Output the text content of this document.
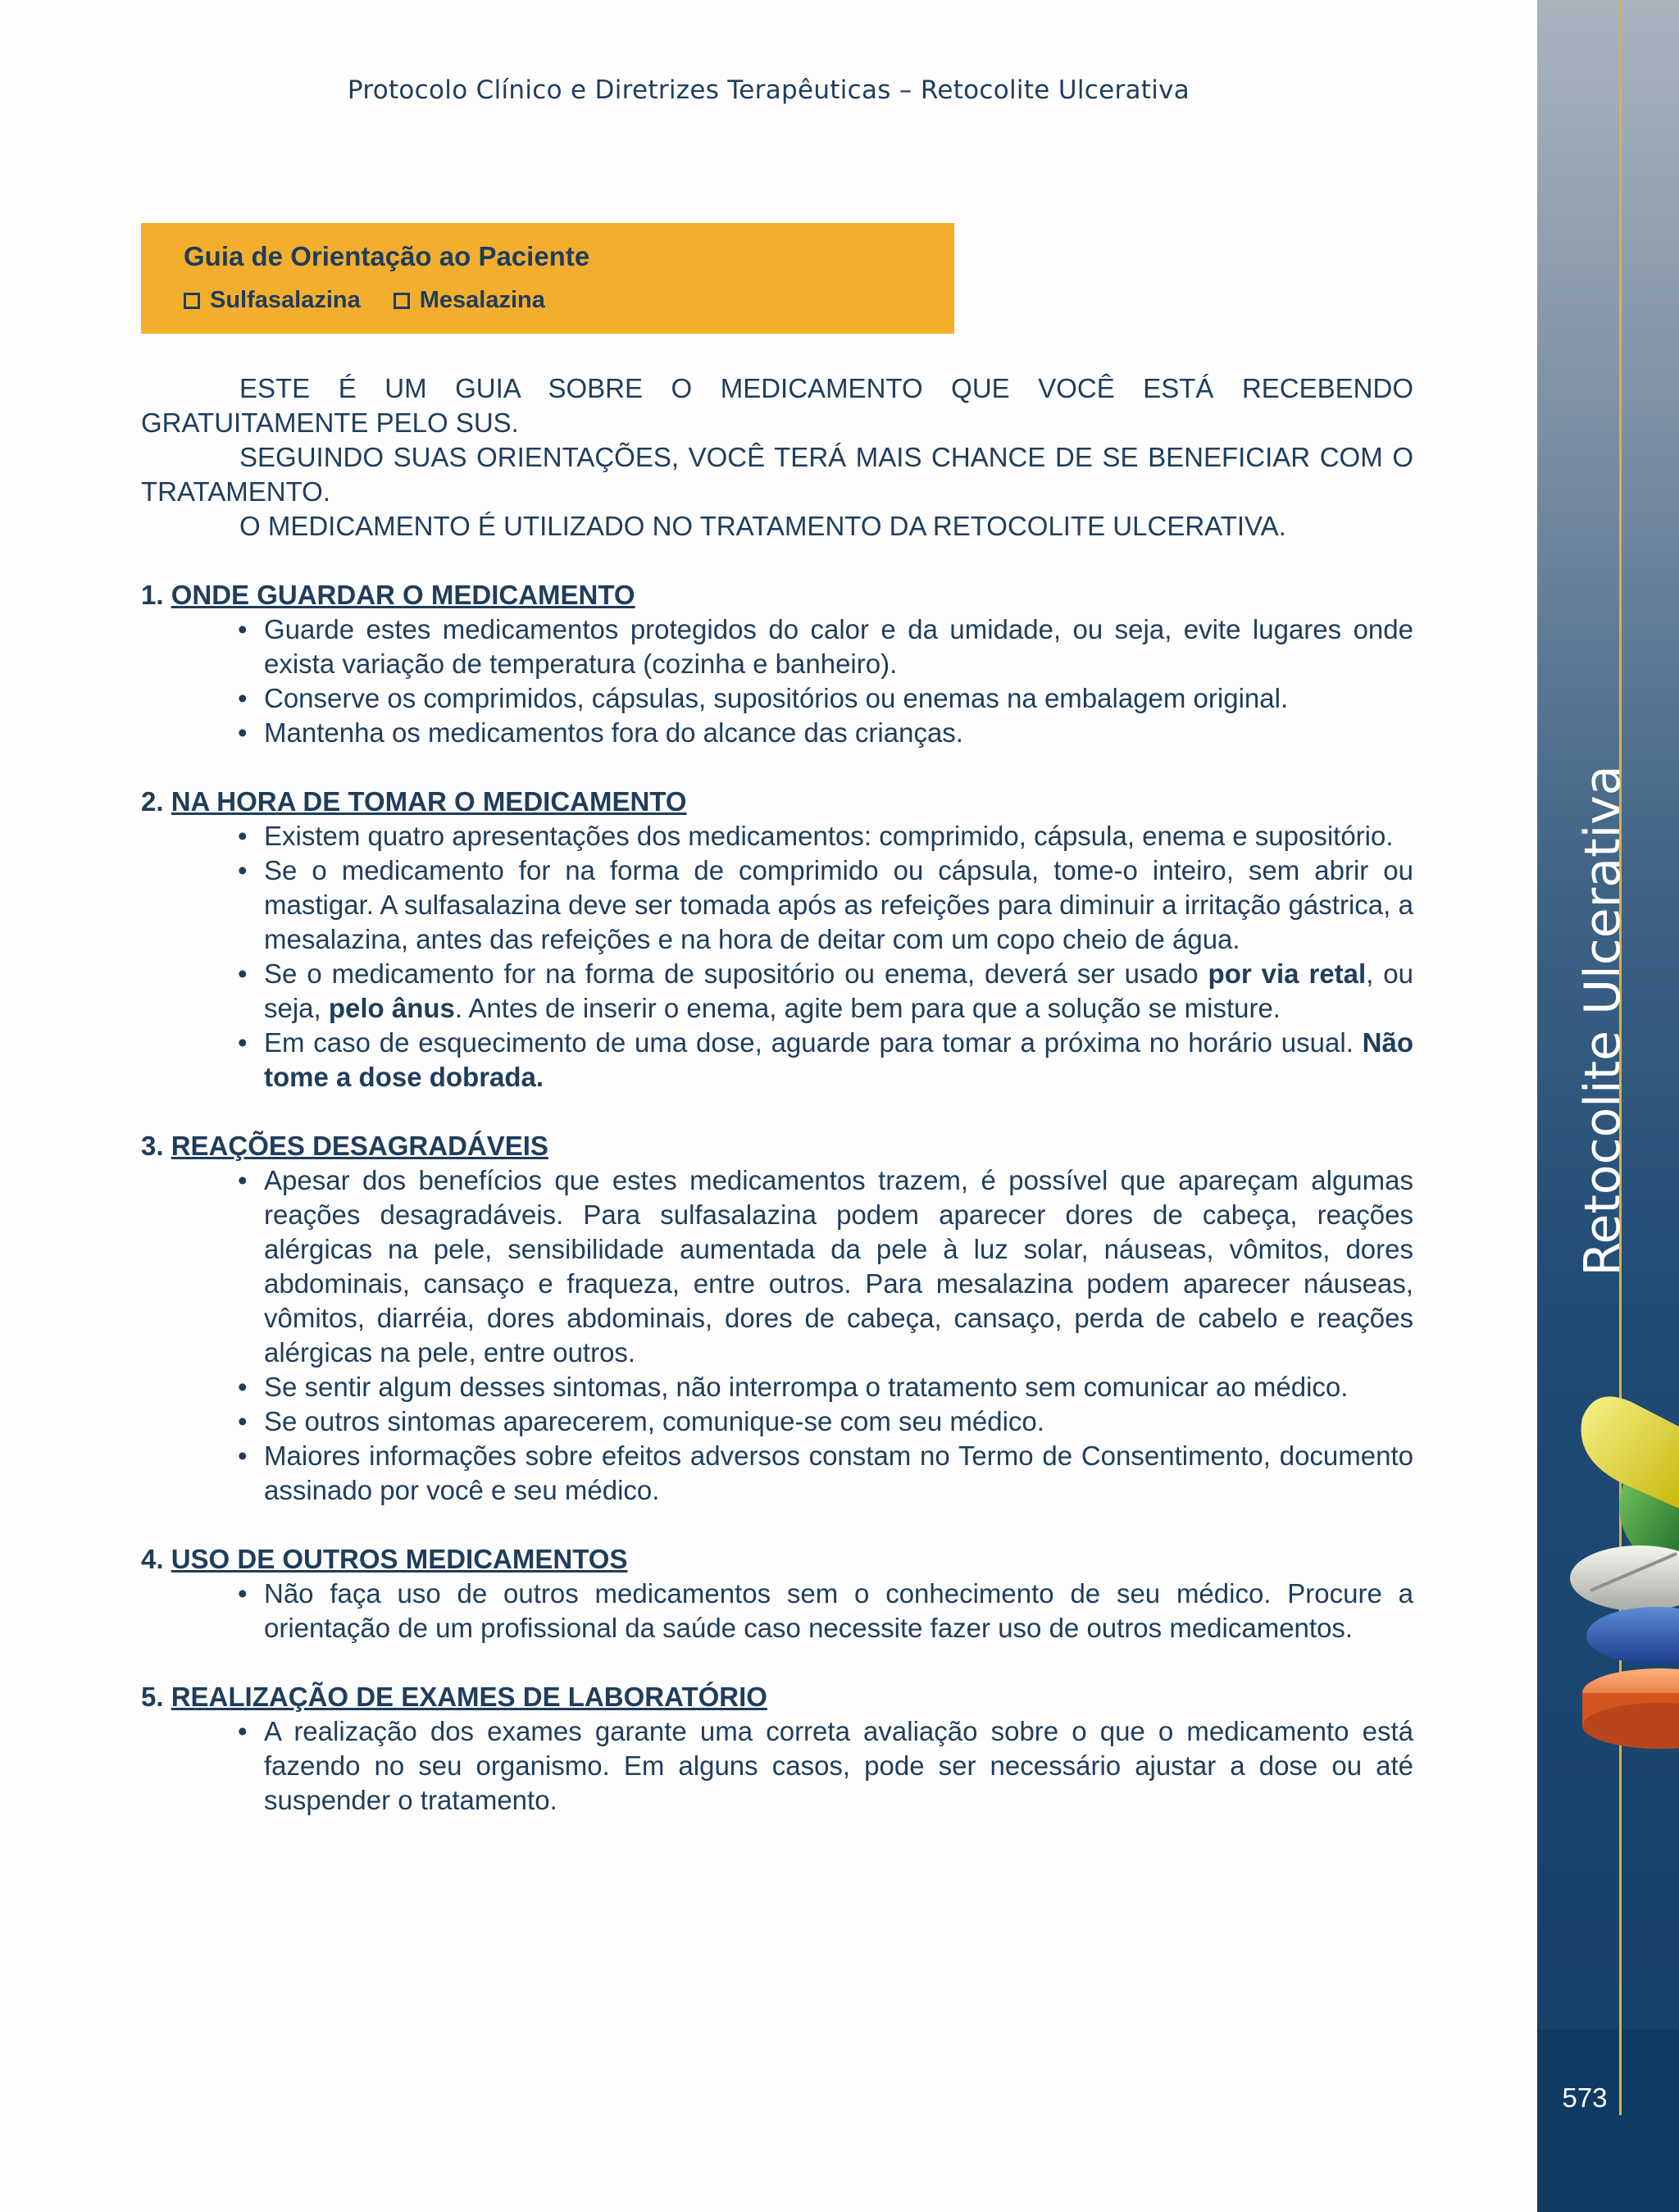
Protocolo Clínico e Diretrizes Terapêuticas – Retocolite Ulcerativa
Retocolite Ulcerativa
573
Guia de Orientação ao Paciente
Sulfasalazina Mesalazina

ESTE É UM GUIA SOBRE O MEDICAMENTO QUE VOCÊ ESTÁ RECEBENDO GRATUITAMENTE PELO SUS.

SEGUINDO SUAS ORIENTAÇÕES, VOCÊ TERÁ MAIS CHANCE DE SE BENEFICIAR COM O TRATAMENTO.

O MEDICAMENTO É UTILIZADO NO TRATAMENTO DA RETOCOLITE ULCERATIVA.

1. ONDE GUARDAR O MEDICAMENTO

• Guarde estes medicamentos protegidos do calor e da umidade, ou seja, evite lugares onde exista variação de temperatura (cozinha e banheiro).
• Conserve os comprimidos, cápsulas, supositórios ou enemas na embalagem original.
• Mantenha os medicamentos fora do alcance das crianças.

2. NA HORA DE TOMAR O MEDICAMENTO

• Existem quatro apresentações dos medicamentos: comprimido, cápsula, enema e supositório.
• Se o medicamento for na forma de comprimido ou cápsula, tome-o inteiro, sem abrir ou mastigar. A sulfasalazina deve ser tomada após as refeições para diminuir a irritação gástrica, a mesalazina, antes das refeições e na hora de deitar com um copo cheio de água.
• Se o medicamento for na forma de supositório ou enema, deverá ser usado por via retal, ou seja, pelo ânus. Antes de inserir o enema, agite bem para que a solução se misture.
• Em caso de esquecimento de uma dose, aguarde para tomar a próxima no horário usual. Não tome a dose dobrada.

3. REAÇÕES DESAGRADÁVEIS

• Apesar dos benefícios que estes medicamentos trazem, é possível que apareçam algumas reações desagradáveis. Para sulfasalazina podem aparecer dores de cabeça, reações alérgicas na pele, sensibilidade aumentada da pele à luz solar, náuseas, vômitos, dores abdominais, cansaço e fraqueza, entre outros. Para mesalazina podem aparecer náuseas, vômitos, diarréia, dores abdominais, dores de cabeça, cansaço, perda de cabelo e reações alérgicas na pele, entre outros.
• Se sentir algum desses sintomas, não interrompa o tratamento sem comunicar ao médico.
• Se outros sintomas aparecerem, comunique-se com seu médico.
• Maiores informações sobre efeitos adversos constam no Termo de Consentimento, documento assinado por você e seu médico.

4. USO DE OUTROS MEDICAMENTOS

• Não faça uso de outros medicamentos sem o conhecimento de seu médico. Procure a orientação de um profissional da saúde caso necessite fazer uso de outros medicamentos.

5. REALIZAÇÃO DE EXAMES DE LABORATÓRIO

• A realização dos exames garante uma correta avaliação sobre o que o medicamento está fazendo no seu organismo. Em alguns casos, pode ser necessário ajustar a dose ou até suspender o tratamento.
